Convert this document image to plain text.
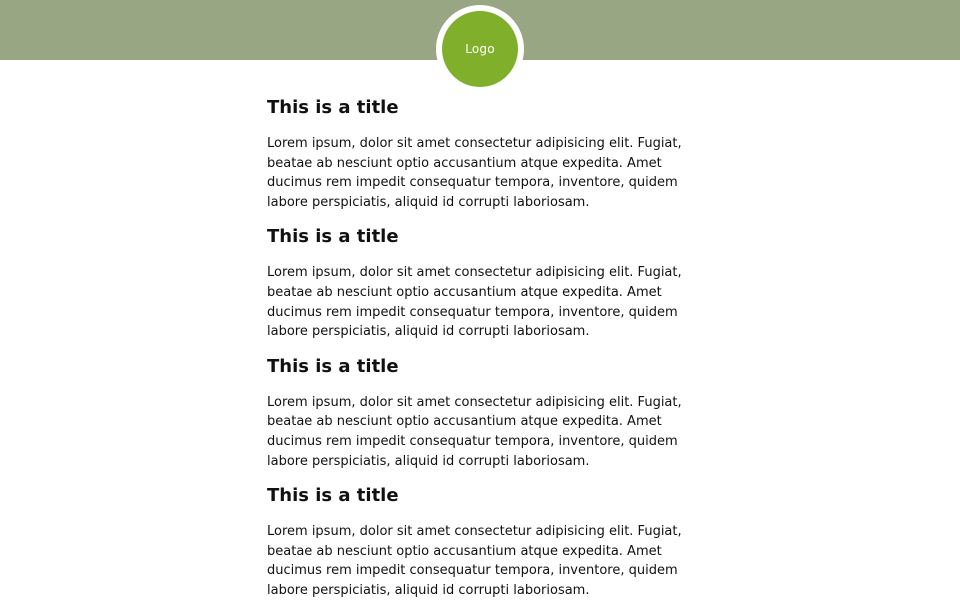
Logo
This is a title

Lorem ipsum, dolor sit amet consectetur adipisicing elit. Fugiat, beatae ab nesciunt optio accusantium atque expedita. Amet ducimus rem impedit consequatur tempora, inventore, quidem labore perspiciatis, aliquid id corrupti laboriosam.

This is a title

Lorem ipsum, dolor sit amet consectetur adipisicing elit. Fugiat, beatae ab nesciunt optio accusantium atque expedita. Amet ducimus rem impedit consequatur tempora, inventore, quidem labore perspiciatis, aliquid id corrupti laboriosam.

This is a title

Lorem ipsum, dolor sit amet consectetur adipisicing elit. Fugiat, beatae ab nesciunt optio accusantium atque expedita. Amet ducimus rem impedit consequatur tempora, inventore, quidem labore perspiciatis, aliquid id corrupti laboriosam.

This is a title

Lorem ipsum, dolor sit amet consectetur adipisicing elit. Fugiat, beatae ab nesciunt optio accusantium atque expedita. Amet ducimus rem impedit consequatur tempora, inventore, quidem labore perspiciatis, aliquid id corrupti laboriosam.
